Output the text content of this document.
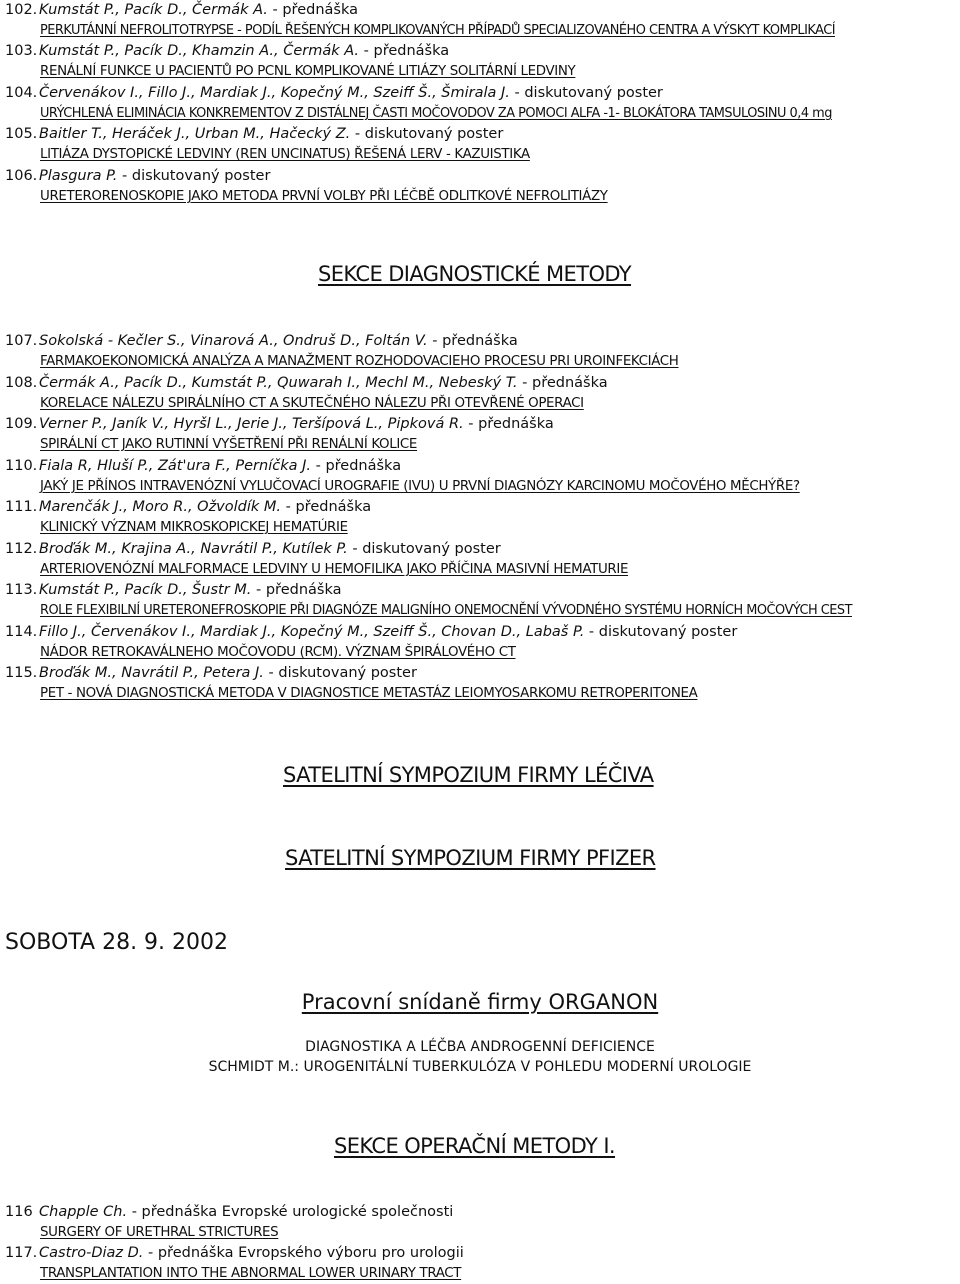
102. Kumstát P., Pacík D., Čermák A. - přednáška
PERKUTÁNNÍ NEFROLITOTRYPSE - PODÍL ŘEŠENÝCH KOMPLIKOVANÝCH PŘÍPADŮ SPECIALIZOVANÉHO CENTRA A VÝSKYT KOMPLIKACÍ
103. Kumstát P., Pacík D., Khamzin A., Čermák A. - přednáška
RENÁLNÍ FUNKCE U PACIENTŮ PO PCNL KOMPLIKOVANÉ LITIÁZY SOLITÁRNÍ LEDVINY
104. Červenákov I., Fillo J., Mardiak J., Kopečný M., Szeiff Š., Šmirala J. - diskutovaný poster
URÝCHLENÁ ELIMINÁCIA KONKREMENTOV Z DISTÁLNEJ ČASTI MOČOVODOV ZA POMOCI ALFA -1- BLOKÁTORA TAMSULOSINU 0,4 mg
105. Baitler T., Heráček J., Urban M., Hačecký Z. - diskutovaný poster
LITIÁZA DYSTOPICKÉ LEDVINY (REN UNCINATUS) ŘEŠENÁ LERV - KAZUISTIKA
106. Plasgura P. - diskutovaný poster
URETERORENOSKOPIE JAKO METODA PRVNÍ VOLBY PŘI LÉČBĚ ODLITKOVÉ NEFROLITIÁZY
SEKCE DIAGNOSTICKÉ METODY
107. Sokolská - Kečler S., Vinarová A., Ondruš D., Foltán V. - přednáška
FARMAKOEKONOMICKÁ ANALÝZA A MANAŽMENT ROZHODOVACIEHO PROCESU PRI UROINFEKCIÁCH
108. Čermák A., Pacík D., Kumstát P., Quwarah I., Mechl M., Nebeský T. - přednáška
KORELACE NÁLEZU SPIRÁLNÍHO CT A SKUTEČNÉHO NÁLEZU PŘI OTEVŘENÉ OPERACI
109. Verner P., Janík V., Hyršl L., Jerie J., Teršípová L., Pipková R. - přednáška
SPIRÁLNÍ CT JAKO RUTINNÍ VYŠETŘENÍ PŘI RENÁLNÍ KOLICE
110. Fiala R, Hluší P., Zát'ura F., Perníčka J. - přednáška
JAKÝ JE PŘÍNOS INTRAVENÓZNÍ VYLUČOVACÍ UROGRAFIE (IVU) U PRVNÍ DIAGNÓZY KARCINOMU MOČOVÉHO MĚCHÝŘE?
111. Marenčák J., Moro R., Ožvoldík M. - přednáška
KLINICKÝ VÝZNAM MIKROSKOPICKEJ HEMATÚRIE
112. Broďák M., Krajina A., Navrátil P., Kutílek P. - diskutovaný poster
ARTERIOVENÓZNÍ MALFORMACE LEDVINY U HEMOFILIKA JAKO PŘÍČINA MASIVNÍ HEMATURIE
113. Kumstát P., Pacík D., Šustr M. - přednáška
ROLE FLEXIBILNÍ URETERONEFROSKOPIE PŘI DIAGNÓZE MALIGNÍHO ONEMOCNĚNÍ VÝVODNÉHO SYSTÉMU HORNÍCH MOČOVÝCH CEST
114. Fillo J., Červenákov I., Mardiak J., Kopečný M., Szeiff Š., Chovan D., Labaš P. - diskutovaný poster
NÁDOR RETROKAVÁLNEHO MOČOVODU (RCM). VÝZNAM ŠPIRÁLOVÉHO CT
115. Broďák M., Navrátil P., Petera J. - diskutovaný poster
PET - NOVÁ DIAGNOSTICKÁ METODA V DIAGNOSTICE METASTÁZ LEIOMYOSARKOMU RETROPERITONEA
SATELITNÍ SYMPOZIUM FIRMY LÉČIVA
SATELITNÍ SYMPOZIUM FIRMY PFIZER
SOBOTA 28. 9. 2002
Pracovní snídaně firmy ORGANON
DIAGNOSTIKA A LÉČBA ANDROGENNÍ DEFICIENCE
SCHMIDT M.: UROGENITÁLNÍ TUBERKULÓZA V POHLEDU MODERNÍ UROLOGIE
SEKCE OPERAČNÍ METODY I.
116 Chapple Ch. - přednáška Evropské urologické společnosti
SURGERY OF URETHRAL STRICTURES
117. Castro-Diaz D. - přednáška Evropského výboru pro urologii
TRANSPLANTATION INTO THE ABNORMAL LOWER URINARY TRACT
